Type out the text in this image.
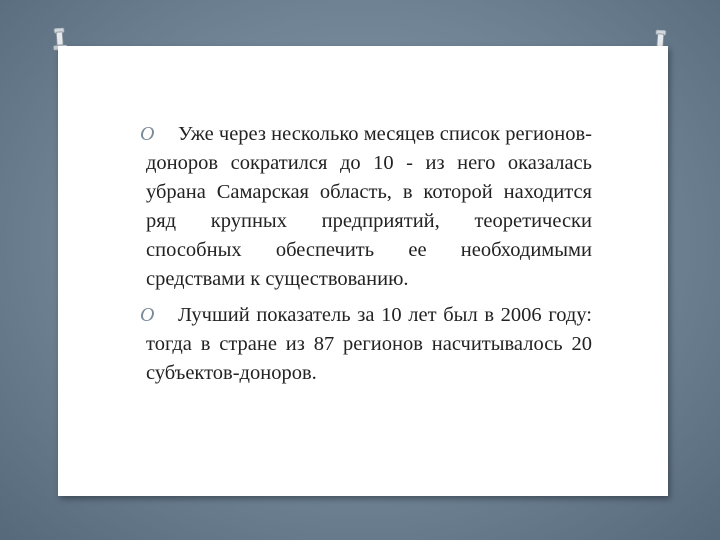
O	Уже через несколько месяцев список регионов-доноров сократился до 10 - из него оказалась убрана Самарская область, в которой находится ряд крупных предприятий, теоретически способных обеспечить ее необходимыми средствами к существованию.
O	Лучший показатель за 10 лет был в 2006 году: тогда в стране из 87 регионов насчитывалось 20 субъектов-доноров.
